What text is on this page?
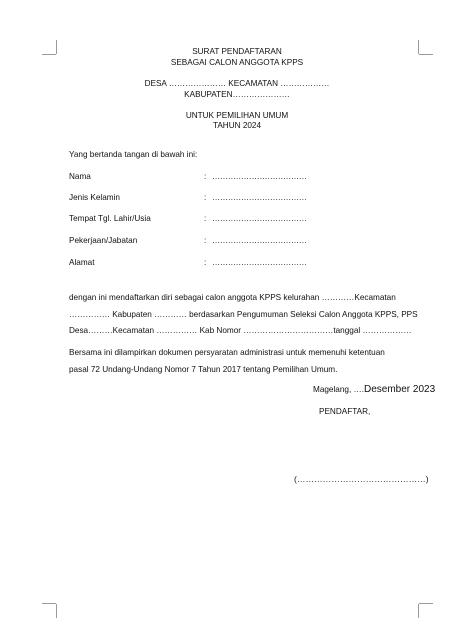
SURAT PENDAFTARAN
SEBAGAI CALON ANGGOTA KPPS
DESA ………………… KECAMATAN ………………
KABUPATEN…………………
UNTUK PEMILIHAN UMUM
TAHUN 2024
Yang bertanda tangan di bawah ini:
Nama	: ………………………………
Jenis Kelamin	: ………………………………
Tempat Tgl. Lahir/Usia	: ………………………………
Pekerjaan/Jabatan	: ………………………………
Alamat	: ………………………………
dengan ini mendaftarkan diri sebagai calon anggota KPPS kelurahan …………Kecamatan
…………… Kabupaten ………… berdasarkan Pengumuman Seleksi Calon Anggota KPPS, PPS
Desa………Kecamatan …………… Kab Nomor ……………………………tanggal ………………
Bersama ini dilampirkan dokumen persyaratan administrasi untuk memenuhi ketentuan
pasal 72 Undang-Undang Nomor 7 Tahun 2017 tentang Pemilihan Umum.
Magelang, ….Desember 2023
PENDAFTAR,
(………………………………………)
